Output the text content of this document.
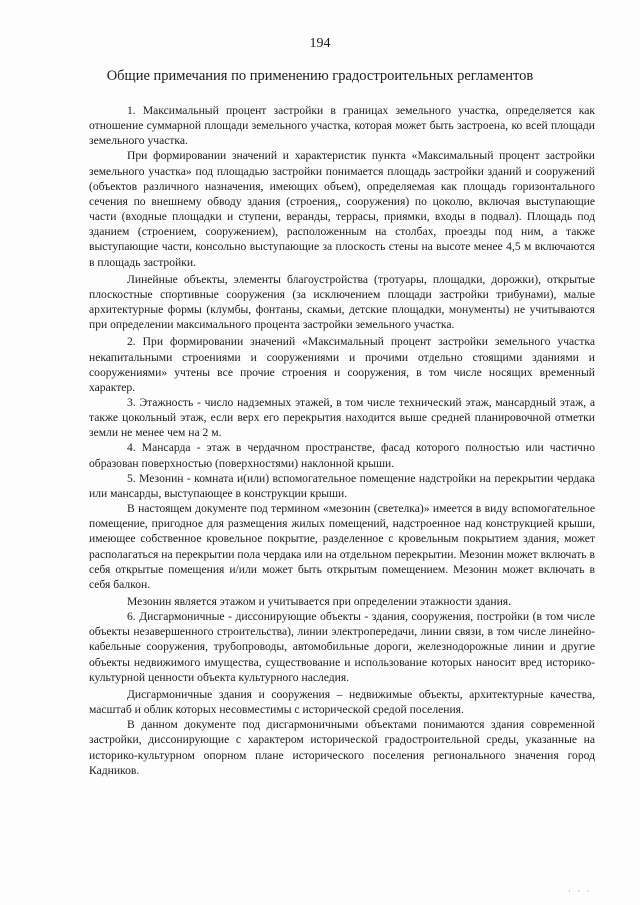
194
Общие примечания по применению градостроительных регламентов

1. Максимальный процент застройки в границах земельного участка, определяется как отношение суммарной площади земельного участка, которая может быть застроена, ко всей площади земельного участка.

При формировании значений и характеристик пункта «Максимальный процент застройки земельного участка» под площадью застройки понимается площадь застройки зданий и сооружений (объектов различного назначения, имеющих объем), определяемая как площадь горизонтального сечения по внешнему обводу здания (строения,, сооружения) по цоколю, включая выступающие части (входные площадки и ступени, веранды, террасы, приямки, входы в подвал). Площадь под зданием (строением, сооружением), расположенным на столбах, проезды под ним, а также выступающие части, консольно выступающие за плоскость стены на высоте менее 4,5 м включаются в площадь застройки.

Линейные объекты, элементы благоустройства (тротуары, площадки, дорожки), открытые плоскостные спортивные сооружения (за исключением площади застройки трибунами), малые архитектурные формы (клумбы, фонтаны, скамьи, детские площадки, монументы) не учитываются при определении максимального процента застройки земельного участка.

2. При формировании значений «Максимальный процент застройки земельного участка некапитальными строениями и сооружениями и прочими отдельно стоящими зданиями и сооружениями» учтены все прочие строения и сооружения, в том числе носящих временный характер.

3. Этажность - число надземных этажей, в том числе технический этаж, мансардный этаж, а также цокольный этаж, если верх его перекрытия находится выше средней планировочной отметки земли не менее чем на 2 м.

4. Мансарда - этаж в чердачном пространстве, фасад которого полностью или частично образован поверхностью (поверхностями) наклонной крыши.

5. Мезонин - комната и(или) вспомогательное помещение надстройки на перекрытии чердака или мансарды, выступающее в конструкции крыши.

В настоящем документе под термином «мезонин (светелка)» имеется в виду вспомогательное помещение, пригодное для размещения жилых помещений, надстроенное над конструкцией крыши, имеющее собственное кровельное покрытие, разделенное с кровельным покрытием здания, может располагаться на перекрытии пола чердака или на отдельном перекрытии. Мезонин может включать в себя открытые помещения и/или может быть открытым помещением. Мезонин может включать в себя балкон.

Мезонин является этажом и учитывается при определении этажности здания.

6. Дисгармоничные - диссонирующие объекты - здания, сооружения, постройки (в том числе объекты незавершенного строительства), линии электропередачи, линии связи, в том числе линейно-кабельные сооружения, трубопроводы, автомобильные дороги, железнодорожные линии и другие объекты недвижимого имущества, существование и использование которых наносит вред историко-культурной ценности объекта культурного наследия.

Дисгармоничные здания и сооружения – недвижимые объекты, архитектурные качества, масштаб и облик которых несовместимы с исторической средой поселения.

В данном документе под дисгармоничными объектами понимаются здания современной застройки, диссонирующие с характером исторической градостроительной среды, указанные на историко-культурном опорном плане исторического поселения регионального значения город Кадников.

· · ·
